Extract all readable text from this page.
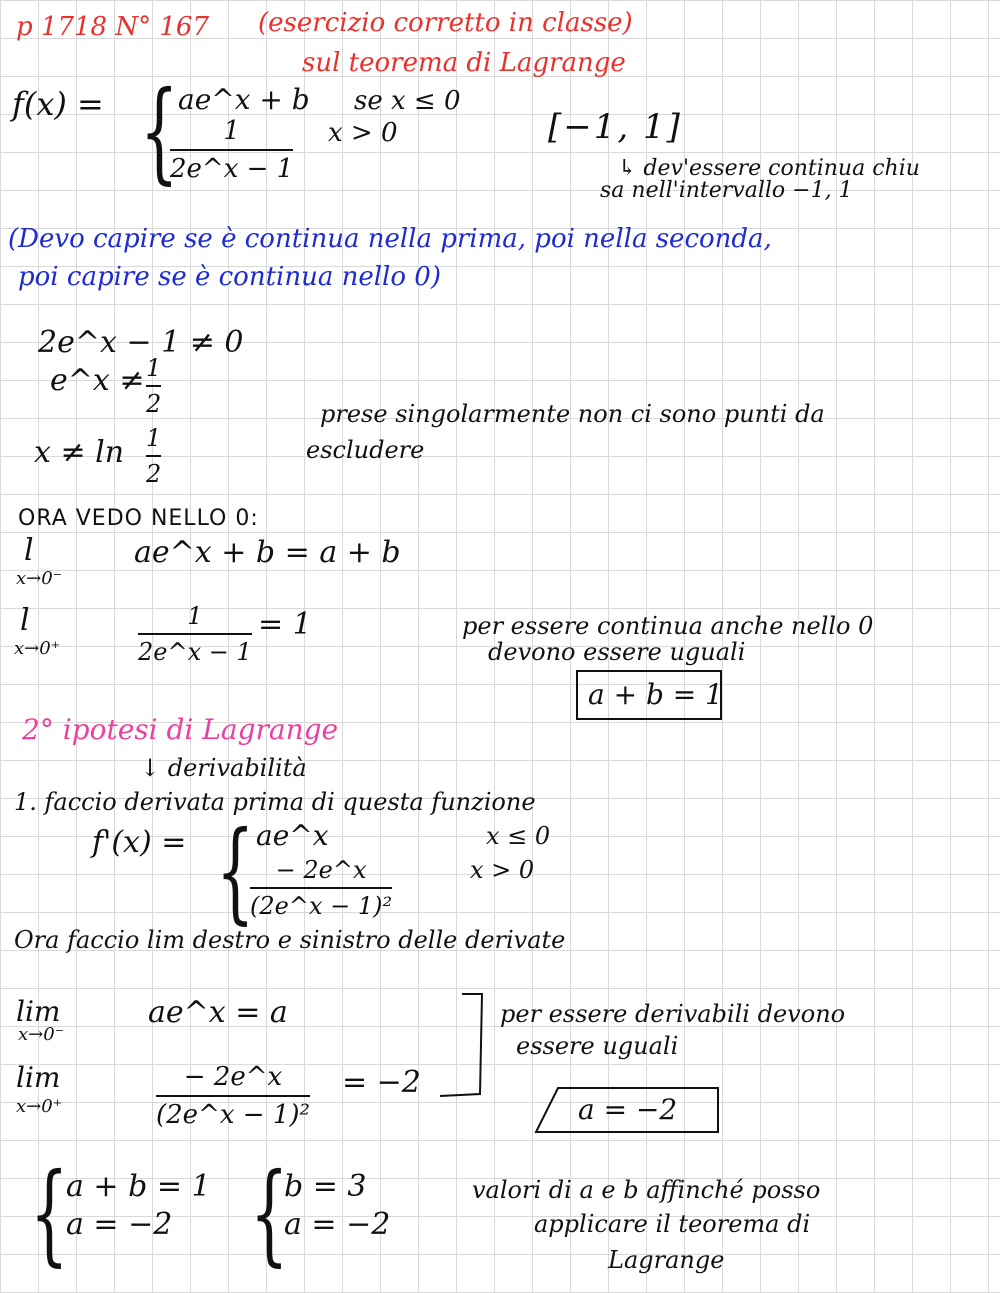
p 1718 N° 167 (esercizio corretto in classe)
sul teorema di Lagrange
f(x) = { ae^x + b se x ≤ 0
1
2e^x − 1
x > 0	[−1, 1]
↳ dev'essere continua chiu
sa nell'intervallo −1, 1
(Devo capire se è continua nella prima, poi nella seconda,
poi capire se è continua nello 0)
2e^x − 1 ≠ 0
e^x ≠ 1
2
x ≠ ln 1
2
prese singolarmente non ci sono punti da
escludere
ORA VEDO NELLO 0:
l
x→0⁻
ae^x + b = a + b
l
x→0⁺
1
2e^x − 1
= 1	per essere continua anche nello 0
devono essere uguali
a + b = 1
2° ipotesi di Lagrange
↓ derivabilità
1. faccio derivata prima di questa funzione
f'(x) = { ae^x	x ≤ 0
− 2e^x
(2e^x − 1)²
x > 0
Ora faccio lim destro e sinistro delle derivate
lim
x→0⁻
ae^x = a
lim
x→0⁺
− 2e^x
(2e^x − 1)²
= −2
per essere derivabili devono
essere uguali
a = −2
{
a + b = 1
a = −2 {
b = 3
a = −2
valori di a e b affinché posso
applicare il teorema di
Lagrange
